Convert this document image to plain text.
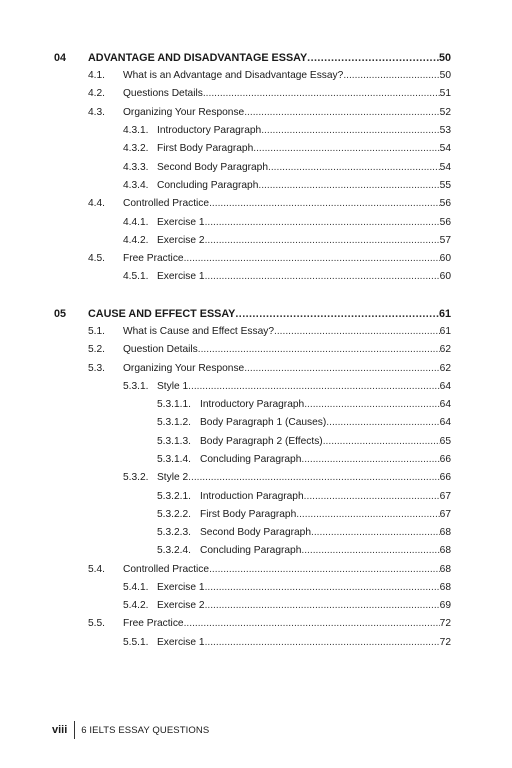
04 ADVANTAGE AND DISADVANTAGE ESSAY .....	50
4.1. What is an Advantage and Disadvantage Essay? .....	50
4.2. Questions Details .....	51
4.3. Organizing Your Response .....	52
4.3.1. Introductory Paragraph .....	53
4.3.2. First Body Paragraph .....	54
4.3.3. Second Body Paragraph .....	54
4.3.4. Concluding Paragraph .....	55
4.4. Controlled Practice .....	56
4.4.1. Exercise 1 .....	56
4.4.2. Exercise 2 .....	57
4.5. Free Practice .....	60
4.5.1. Exercise 1 .....	60
05 CAUSE AND EFFECT ESSAY .....	61
5.1. What is Cause and Effect Essay? .....	61
5.2. Question Details .....	62
5.3. Organizing Your Response .....	62
5.3.1. Style 1 .....	64
5.3.1.1. Introductory Paragraph .....	64
5.3.1.2. Body Paragraph 1 (Causes) .....	64
5.3.1.3. Body Paragraph 2 (Effects) .....	65
5.3.1.4. Concluding Paragraph .....	66
5.3.2. Style 2 .....	66
5.3.2.1. Introduction Paragraph .....	67
5.3.2.2. First Body Paragraph .....	67
5.3.2.3. Second Body Paragraph .....	68
5.3.2.4. Concluding Paragraph .....	68
5.4. Controlled Practice .....	68
5.4.1. Exercise 1 .....	68
5.4.2. Exercise 2 .....	69
5.5. Free Practice .....	72
5.5.1. Exercise 1 .....	72
viii 6 IELTS ESSAY QUESTIONS
